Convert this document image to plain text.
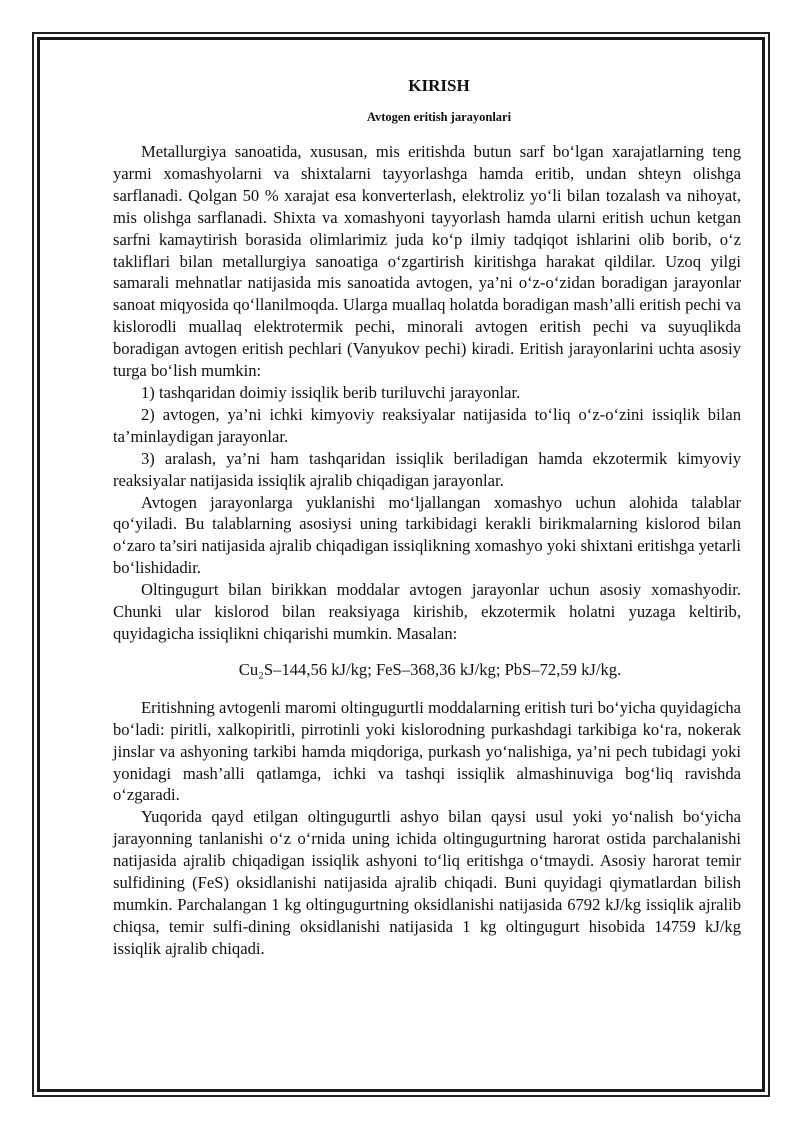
KIRISH
Avtogen eritish jarayonlari

Metallurgiya sanoatida, xususan, mis eritishda butun sarf bo‘lgan xarajatlarning teng yarmi xomashyolarni va shixtalarni tayyorlashga hamda eritib, undan shteyn olishga sarflanadi. Qolgan 50 % xarajat esa konverterlash, elektroliz yo‘li bilan tozalash va nihoyat, mis olishga sarflanadi. Shixta va xomashyoni tayyorlash hamda ularni eritish uchun ketgan sarfni kamaytirish borasida olimlarimiz juda ko‘p ilmiy tadqiqot ishlarini olib borib, o‘z takliflari bilan metallurgiya sanoatiga o‘zgartirish kiritishga harakat qildilar. Uzoq yilgi samarali mehnatlar natijasida mis sanoatida avtogen, ya’ni o‘z-o‘zidan boradigan jarayonlar sanoat miqyosida qo‘llanilmoqda. Ularga muallaq holatda boradigan mash’alli eritish pechi va kislorodli muallaq elektrotermik pechi, minorali avtogen eritish pechi va suyuqlikda boradigan avtogen eritish pechlari (Vanyukov pechi) kiradi. Eritish jarayonlarini uchta asosiy turga bo‘lish mumkin:

1) tashqaridan doimiy issiqlik berib turiluvchi jarayonlar.

2) avtogen, ya’ni ichki kimyoviy reaksiyalar natijasida to‘liq o‘z-o‘zini issiqlik bilan ta’minlaydigan jarayonlar.

3) aralash, ya’ni ham tashqaridan issiqlik beriladigan hamda ekzotermik kimyoviy reaksiyalar natijasida issiqlik ajralib chiqadigan jarayonlar.

Avtogen jarayonlarga yuklanishi mo‘ljallangan xomashyo uchun alohida talablar qo‘yiladi. Bu talablarning asosiysi uning tarkibidagi kerakli birikmalarning kislorod bilan o‘zaro ta’siri natijasida ajralib chiqadigan issiqlikning xomashyo yoki shixtani eritishga yetarli bo‘lishidadir.

Oltingugurt bilan birikkan moddalar avtogen jarayonlar uchun asosiy xomashyodir. Chunki ular kislorod bilan reaksiyaga kirishib, ekzotermik holatni yuzaga keltirib, quyidagicha issiqlikni chiqarishi mumkin. Masalan:

Cu₂S–144,56 kJ/kg; FeS–368,36 kJ/kg; PbS–72,59 kJ/kg.

Eritishning avtogenli maromi oltingugurtli moddalarning eritish turi bo‘yicha quyidagicha bo‘ladi: piritli, xalkopiritli, pirrotinli yoki kislorodning purkashdagi tarkibiga ko‘ra, nokerak jinslar va ashyoning tarkibi hamda miqdoriga, purkash yo‘nalishiga, ya’ni pech tubidagi yoki yonidagi mash’alli qatlamga, ichki va tashqi issiqlik almashinuviga bog‘liq ravishda o‘zgaradi.

Yuqorida qayd etilgan oltingugurtli ashyo bilan qaysi usul yoki yo‘nalish bo‘yicha jarayonning tanlanishi o‘z o‘rnida uning ichida oltingugurtning harorat ostida parchalanishi natijasida ajralib chiqadigan issiqlik ashyoni to‘liq eritishga o‘tmaydi. Asosiy harorat temir sulfidining (FeS) oksidlanishi natijasida ajralib chiqadi. Buni quyidagi qiymatlardan bilish mumkin. Parchalangan 1 kg oltingugurtning oksidlanishi natijasida 6792 kJ/kg issiqlik ajralib chiqsa, temir sulfi-dining oksidlanishi natijasida 1 kg oltingugurt hisobida 14759 kJ/kg issiqlik ajralib chiqadi.
